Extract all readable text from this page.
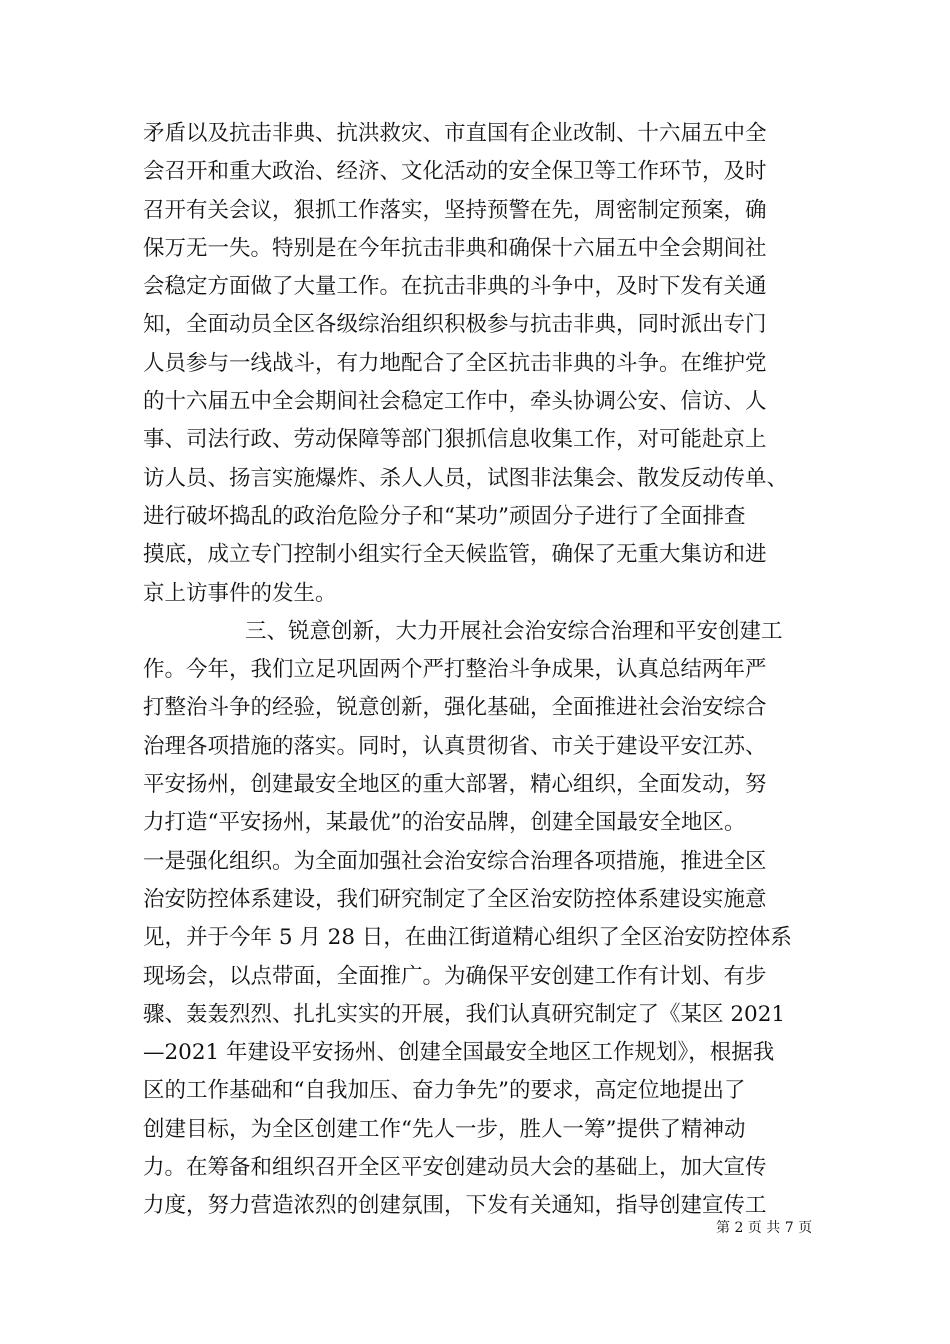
矛盾以及抗击非典、抗洪救灾、市直国有企业改制、十六届五中全
会召开和重大政治、经济、文化活动的安全保卫等工作环节，及时
召开有关会议，狠抓工作落实，坚持预警在先，周密制定预案，确
保万无一失。特别是在今年抗击非典和确保十六届五中全会期间社
会稳定方面做了大量工作。在抗击非典的斗争中，及时下发有关通
知，全面动员全区各级综治组织积极参与抗击非典，同时派出专门
人员参与一线战斗，有力地配合了全区抗击非典的斗争。在维护党
的十六届五中全会期间社会稳定工作中，牵头协调公安、信访、人
事、司法行政、劳动保障等部门狠抓信息收集工作，对可能赴京上
访人员、扬言实施爆炸、杀人人员，试图非法集会、散发反动传单、
进行破坏捣乱的政治危险分子和“某功”顽固分子进行了全面排查
摸底，成立专门控制小组实行全天候监管，确保了无重大集访和进
京上访事件的发生。
三、锐意创新，大力开展社会治安综合治理和平安创建工
作。今年，我们立足巩固两个严打整治斗争成果，认真总结两年严
打整治斗争的经验，锐意创新，强化基础，全面推进社会治安综合
治理各项措施的落实。同时，认真贯彻省、市关于建设平安江苏、
平安扬州，创建最安全地区的重大部署，精心组织，全面发动，努
力打造“平安扬州，某最优”的治安品牌，创建全国最安全地区。
一是强化组织。为全面加强社会治安综合治理各项措施，推进全区
治安防控体系建设，我们研究制定了全区治安防控体系建设实施意
见，并于今年 5 月 28 日，在曲江街道精心组织了全区治安防控体系
现场会，以点带面，全面推广。为确保平安创建工作有计划、有步
骤、轰轰烈烈、扎扎实实的开展，我们认真研究制定了《某区 2021
—2021 年建设平安扬州、创建全国最安全地区工作规划》，根据我
区的工作基础和“自我加压、奋力争先”的要求，高定位地提出了
创建目标，为全区创建工作“先人一步，胜人一筹”提供了精神动
力。在筹备和组织召开全区平安创建动员大会的基础上，加大宣传
力度，努力营造浓烈的创建氛围，下发有关通知，指导创建宣传工
第 2 页 共 7 页
